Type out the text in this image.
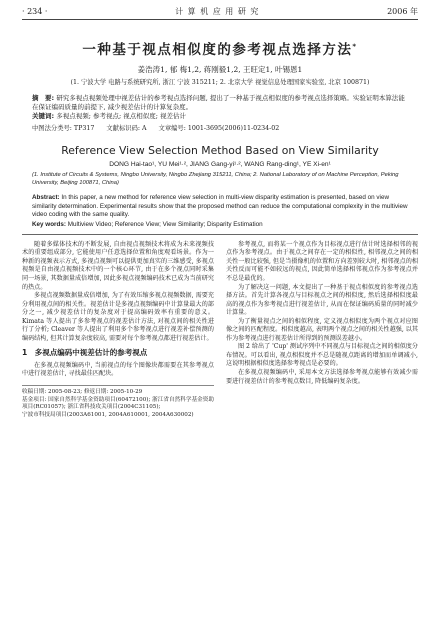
· 234 ·	计 算 机 应 用 研 究	2006 年
一种基于视点相似度的参考视点选择方法*
姜浩涛1, 郁 梅1,2, 蒋刚毅1,2, 王旺定1, 叶锡恩1
(1. 宁波大学 电路与系统研究所, 浙江 宁波 315211; 2. 北京大学 视觉信息处理国家实验室, 北京 100871)
摘　要: 研究多视点视频处理中视差估计的参考视点选择问题, 提出了一种基于视点相似度的参考视点选择策略。实验证明本算法能在保证编码质量的前提下, 减少视差估计的计算复杂度。
关键词: 多视点视频; 参考视点; 视点相似度; 视差估计
中图法分类号: TP317 文献标识码: A 文章编号: 1001-3695(2006)11-0234-02
Reference View Selection Method Based on View Similarity
DONG Hai-tao¹, YU Mei¹·², JIANG Gang-yi¹·², WANG Rang-ding¹, YE Xi-en¹
(1. Institute of Circuits & Systems, Ningbo University, Ningbo Zhejiang 315211, China; 2. National Laboratory of on Machine Perception, Peking University, Beijing 100871, China)
Abstract: In this paper, a new method for reference view selection in multi-view disparity estimation is presented, based on view similarity determination. Experimental results show that the proposed method can reduce the computational complexity in the multiview video coding with the same quality.
Key words: Multiview Video; Reference View; View Similarity; Disparity Estimation

随着多媒体技术的不断发展, 自由视点视频技术将成为未来视频技术的重要组成部分, 它能使用户任意选择位置和角度观看场景。作为一种新的视频表示方式, 多视点视频可以提供更加真实的三维感受, 多视点视频是自由视点视频技术中的一个核心环节, 由于在多个视点同时采集同一场景, 其数据量成倍增加, 因此多视点视频编码技术已成为当前研究的热点。

多视点视频数据量成倍增加, 为了有效压缩多视点视频数据, 需要充分利用视点间的相关性。视差估计是多视点视频编码中计算量最大的部分之一, 减少视差估计的复杂度对于提高编码效率有重要的意义。Kimata 等人提出了多参考视点的视差估计方法, 对视点间的相关性进行了分析; Cleaver 等人提出了利用多个参考视点进行视差补偿预测的编码结构, 但其计算复杂度较高, 需要对每个参考视点都进行视差估计。

1　多视点编码中视差估计的参考视点

在多视点视频编码中, 当前视点的每个图像块都需要在其参考视点中进行视差估计, 寻找最佳匹配块。

收稿日期: 2005-08-23; 修返日期: 2005-10-29
基金项目: 国家自然科学基金资助项目(60472100); 浙江省自然科学基金资助项目(RC01057); 浙江省科技攻关项目(2004C31105);
宁波市科技局项目(2003A61001, 2004A610001, 2004A630002)

参考视点, 而将某一个视点作为目标视点进行估计时选择相邻的视点作为参考视点。由于视点之间存在一定的相似性, 相邻视点之间的相关性一般比较强, 但是当摄像机的位置和方向差别较大时, 相邻视点的相关性反而可能不如较远的视点, 因此简单选择相邻视点作为参考视点并不总是最优的。

为了解决这一问题, 本文提出了一种基于视点相似度的参考视点选择方法。首先计算各视点与目标视点之间的相似度, 然后选择相似度最高的视点作为参考视点进行视差估计, 从而在保证编码质量的同时减少计算量。

为了衡量视点之间的相似程度, 定义视点相似度为两个视点对应图像之间的匹配程度。相似度越高, 表明两个视点之间的相关性越强, 以其作为参考视点进行视差估计所得到的预测误差越小。

图 2 给出了 'Cup' 测试序列中不同视点与目标视点之间的相似度分布情况。可以看出, 视点相似度并不总是随视点距离的增加而单调减小, 这说明根据相似度选择参考视点是必要的。

在多视点视频编码中, 采用本文方法选择参考视点能够有效减少需要进行视差估计的参考视点数目, 降低编码复杂度。
